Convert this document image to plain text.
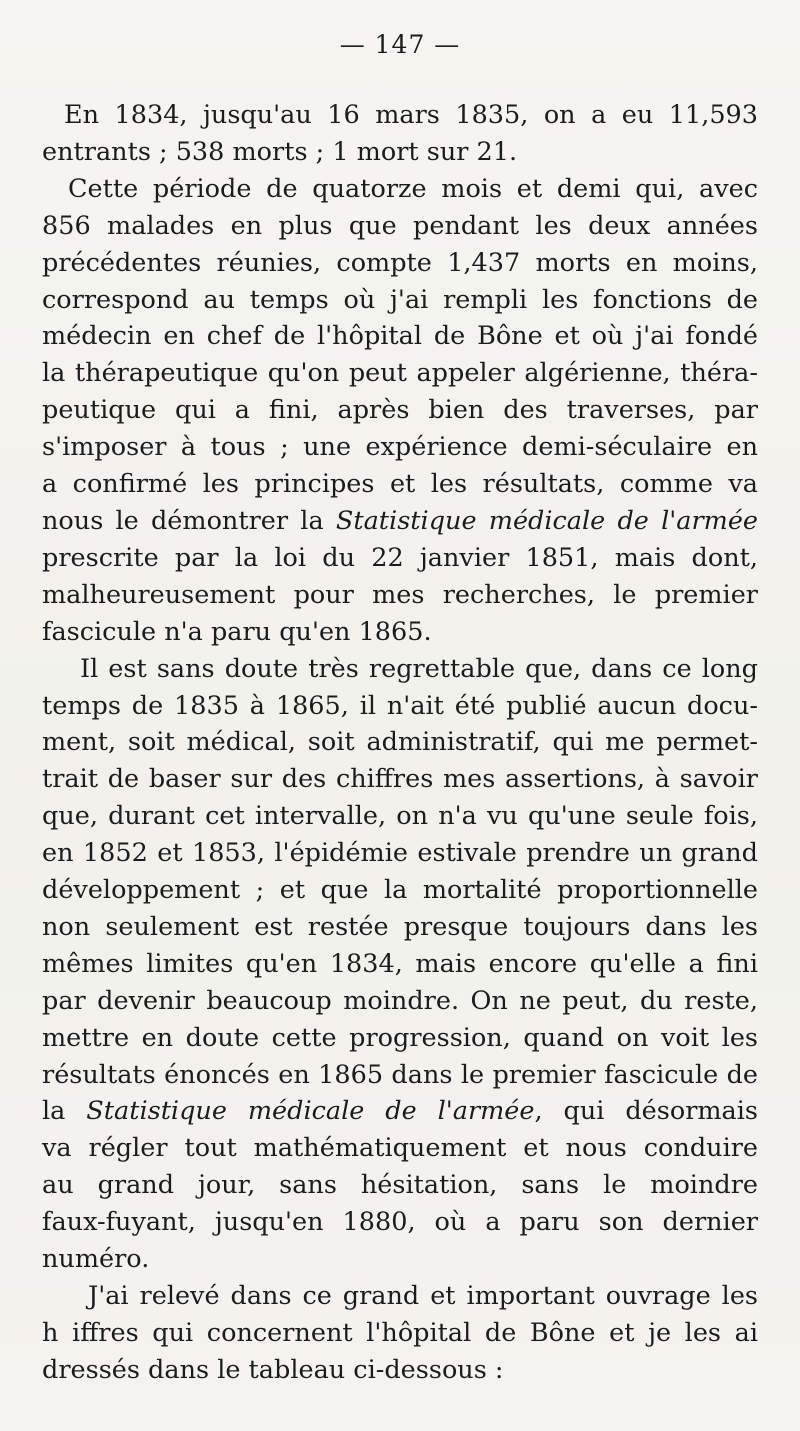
— 147 —

En 1834, jusqu'au 16 mars 1835, on a eu 11,593
entrants ; 538 morts ; 1 mort sur 21.

Cette période de quatorze mois et demi qui, avec
856 malades en plus que pendant les deux années
précédentes réunies, compte 1,437 morts en moins,
correspond au temps où j'ai rempli les fonctions de
médecin en chef de l'hôpital de Bône et où j'ai fondé
la thérapeutique qu'on peut appeler algérienne, théra-
peutique qui a fini, après bien des traverses, par
s'imposer à tous ; une expérience demi-séculaire en
a confirmé les principes et les résultats, comme va
nous le démontrer la Statistique médicale de l'armée
prescrite par la loi du 22 janvier 1851, mais dont,
malheureusement pour mes recherches, le premier
fascicule n'a paru qu'en 1865.

Il est sans doute très regrettable que, dans ce long
temps de 1835 à 1865, il n'ait été publié aucun docu-
ment, soit médical, soit administratif, qui me permet-
trait de baser sur des chiffres mes assertions, à savoir
que, durant cet intervalle, on n'a vu qu'une seule fois,
en 1852 et 1853, l'épidémie estivale prendre un grand
développement ; et que la mortalité proportionnelle
non seulement est restée presque toujours dans les
mêmes limites qu'en 1834, mais encore qu'elle a fini
par devenir beaucoup moindre. On ne peut, du reste,
mettre en doute cette progression, quand on voit les
résultats énoncés en 1865 dans le premier fascicule de
la Statistique médicale de l'armée, qui désormais
va régler tout mathématiquement et nous conduire
au grand jour, sans hésitation, sans le moindre
faux-fuyant, jusqu'en 1880, où a paru son dernier
numéro.

J'ai relevé dans ce grand et important ouvrage les
h iffres qui concernent l'hôpital de Bône et je les ai
dressés dans le tableau ci-dessous :
